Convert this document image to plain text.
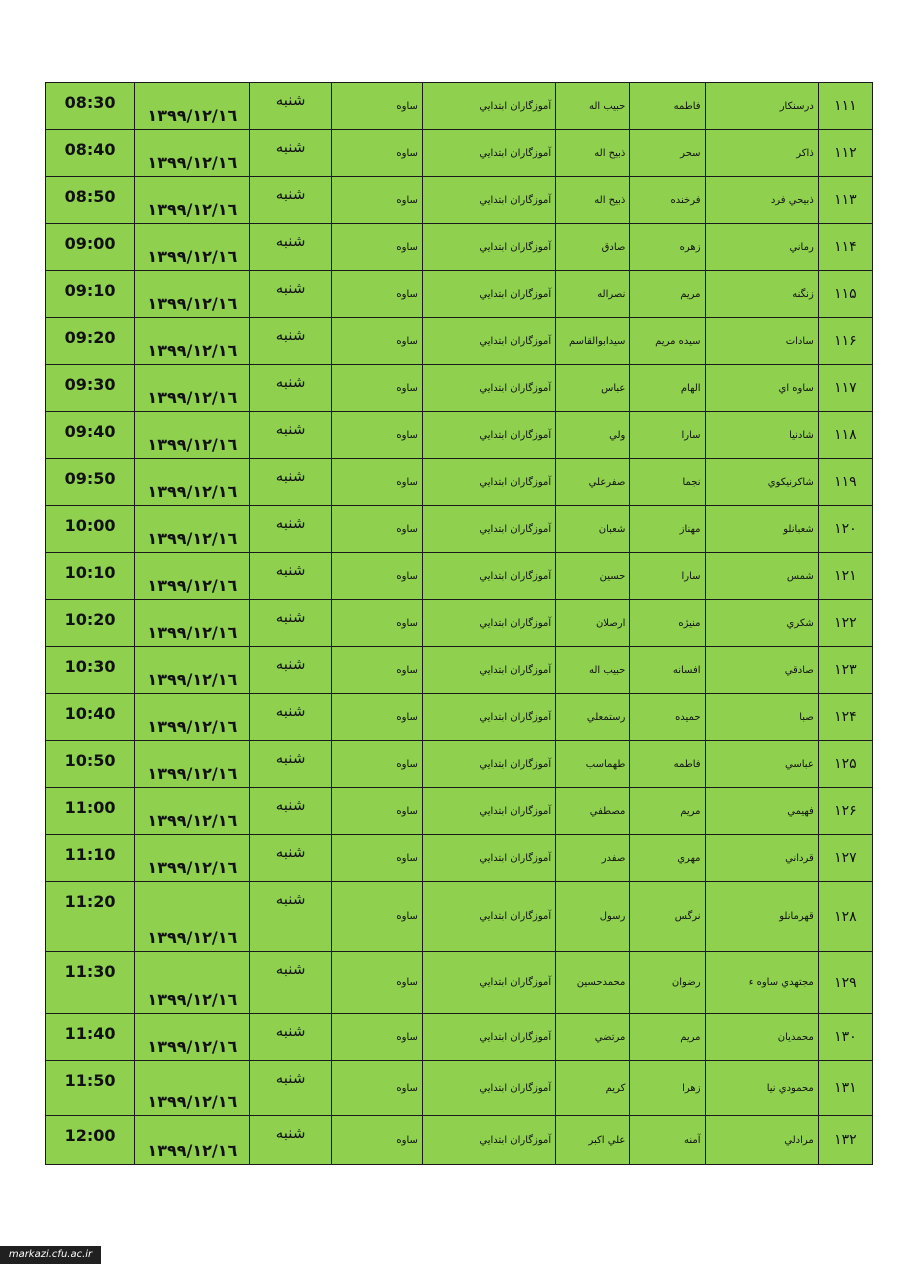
08:30	١٣٩٩/١٢/١٦	شنبه	ساوه	آموزگاران ابتدايي	حبيب اله	فاطمه	درسنكار	١١١
08:40	١٣٩٩/١٢/١٦	شنبه	ساوه	آموزگاران ابتدايي	ذبيح اله	سحر	ذاكر	١١٢
08:50	١٣٩٩/١٢/١٦	شنبه	ساوه	آموزگاران ابتدايي	ذبيح اله	فرخنده	ذبيحي فرد	١١٣
09:00	١٣٩٩/١٢/١٦	شنبه	ساوه	آموزگاران ابتدايي	صادق	زهره	رماني	١١۴
09:10	١٣٩٩/١٢/١٦	شنبه	ساوه	آموزگاران ابتدايي	نصراله	مريم	زنگنه	١١۵
09:20	١٣٩٩/١٢/١٦	شنبه	ساوه	آموزگاران ابتدايي	سيدابوالقاسم	سيده مريم	سادات	١١۶
09:30	١٣٩٩/١٢/١٦	شنبه	ساوه	آموزگاران ابتدايي	عباس	الهام	ساوه اي	١١٧
09:40	١٣٩٩/١٢/١٦	شنبه	ساوه	آموزگاران ابتدايي	ولي	سارا	شادنيا	١١٨
09:50	١٣٩٩/١٢/١٦	شنبه	ساوه	آموزگاران ابتدايي	صفرعلي	نجما	شاكرنيكوي	١١٩
10:00	١٣٩٩/١٢/١٦	شنبه	ساوه	آموزگاران ابتدايي	شعبان	مهناز	شعبانلو	١٢٠
10:10	١٣٩٩/١٢/١٦	شنبه	ساوه	آموزگاران ابتدايي	حسين	سارا	شمس	١٢١
10:20	١٣٩٩/١٢/١٦	شنبه	ساوه	آموزگاران ابتدايي	ارصلان	منيژه	شكري	١٢٢
10:30	١٣٩٩/١٢/١٦	شنبه	ساوه	آموزگاران ابتدايي	حبيب اله	افسانه	صادقي	١٢٣
10:40	١٣٩٩/١٢/١٦	شنبه	ساوه	آموزگاران ابتدايي	رستمعلي	حميده	صبا	١٢۴
10:50	١٣٩٩/١٢/١٦	شنبه	ساوه	آموزگاران ابتدايي	طهماسب	فاطمه	عباسي	١٢۵
11:00	١٣٩٩/١٢/١٦	شنبه	ساوه	آموزگاران ابتدايي	مصطفي	مريم	فهيمي	١٢۶
11:10	١٣٩٩/١٢/١٦	شنبه	ساوه	آموزگاران ابتدايي	صفدر	مهري	قرداني	١٢٧
11:20	١٣٩٩/١٢/١٦	شنبه	ساوه	آموزگاران ابتدايي	رسول	نرگس	قهرمانلو	١٢٨
11:30	١٣٩٩/١٢/١٦	شنبه	ساوه	آموزگاران ابتدايي	محمدحسين	رضوان	مجتهدي ساوه ء	١٢٩
11:40	١٣٩٩/١٢/١٦	شنبه	ساوه	آموزگاران ابتدايي	مرتضي	مريم	محمديان	١٣٠
11:50	١٣٩٩/١٢/١٦	شنبه	ساوه	آموزگاران ابتدايي	كريم	زهرا	محمودي نيا	١٣١
12:00	١٣٩٩/١٢/١٦	شنبه	ساوه	آموزگاران ابتدايي	علي اكبر	آمنه	مرادلي	١٣٢
markazi.cfu.ac.ir
